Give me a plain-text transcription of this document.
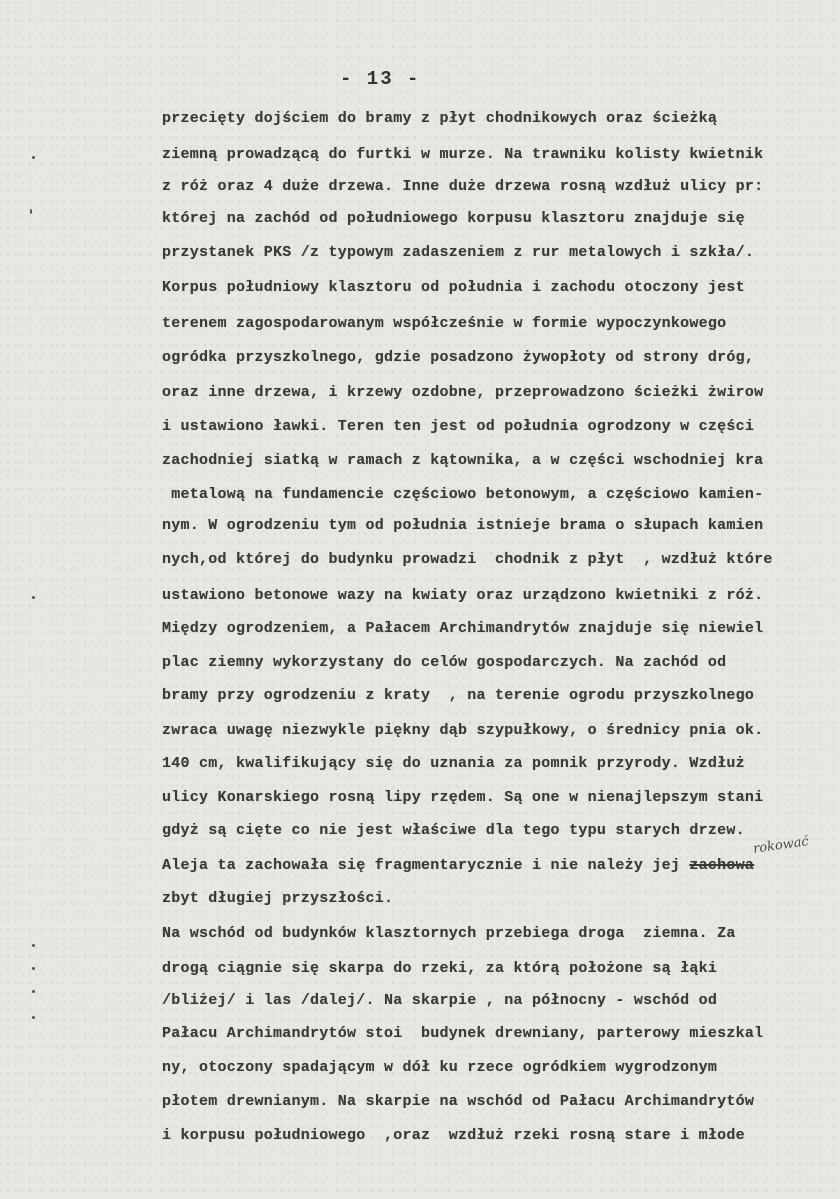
- 13 -
przecięty dojściem do bramy z płyt chodnikowych oraz ścieżką
ziemną prowadzącą do furtki w murze. Na trawniku kolisty kwietnik
z róż oraz 4 duże drzewa. Inne duże drzewa rosną wzdłuż ulicy pr:
której na zachód od południowego korpusu klasztoru znajduje się
przystanek PKS /z typowym zadaszeniem z rur metalowych i szkła/.
Korpus południowy klasztoru od południa i zachodu otoczony jest
terenem zagospodarowanym współcześnie w formie wypoczynkowego
ogródka przyszkolnego, gdzie posadzono żywopłoty od strony dróg,
oraz inne drzewa, i krzewy ozdobne, przeprowadzono ścieżki żwirow
i ustawiono ławki. Teren ten jest od południa ogrodzony w części
zachodniej siatką w ramach z kątownika, a w części wschodniej kra
metalową na fundamencie częściowo betonowym, a częściowo kamien-
nym. W ogrodzeniu tym od południa istnieje brama o słupach kamien
nych,od której do budynku prowadzi  chodnik z płyt  , wzdłuż które
ustawiono betonowe wazy na kwiaty oraz urządzono kwietniki z róż.
Między ogrodzeniem, a Pałacem Archimandrytów znajduje się niewiel
plac ziemny wykorzystany do celów gospodarczych. Na zachód od
bramy przy ogrodzeniu z kraty  , na terenie ogrodu przyszkolnego
zwraca uwagę niezwykle piękny dąb szypułkowy, o średnicy pnia ok.
140 cm, kwalifikujący się do uznania za pomnik przyrody. Wzdłuż
ulicy Konarskiego rosną lipy rzędem. Są one w nienajlepszym stani
gdyż są cięte co nie jest właściwe dla tego typu starych drzew.
Aleja ta zachowała się fragmentarycznie i nie należy jej zachowa
zbyt długiej przyszłości.
Na wschód od budynków klasztornych przebiega droga  ziemna. Za
drogą ciągnie się skarpa do rzeki, za którą położone są łąki
/bliżej/ i las /dalej/. Na skarpie , na północny - wschód od
Pałacu Archimandrytów stoi  budynek drewniany, parterowy mieszkal
ny, otoczony spadającym w dół ku rzece ogródkiem wygrodzonym
płotem drewnianym. Na skarpie na wschód od Pałacu Archimandrytów
i korpusu południowego  ,oraz  wzdłuż rzeki rosną stare i młode
rokować
